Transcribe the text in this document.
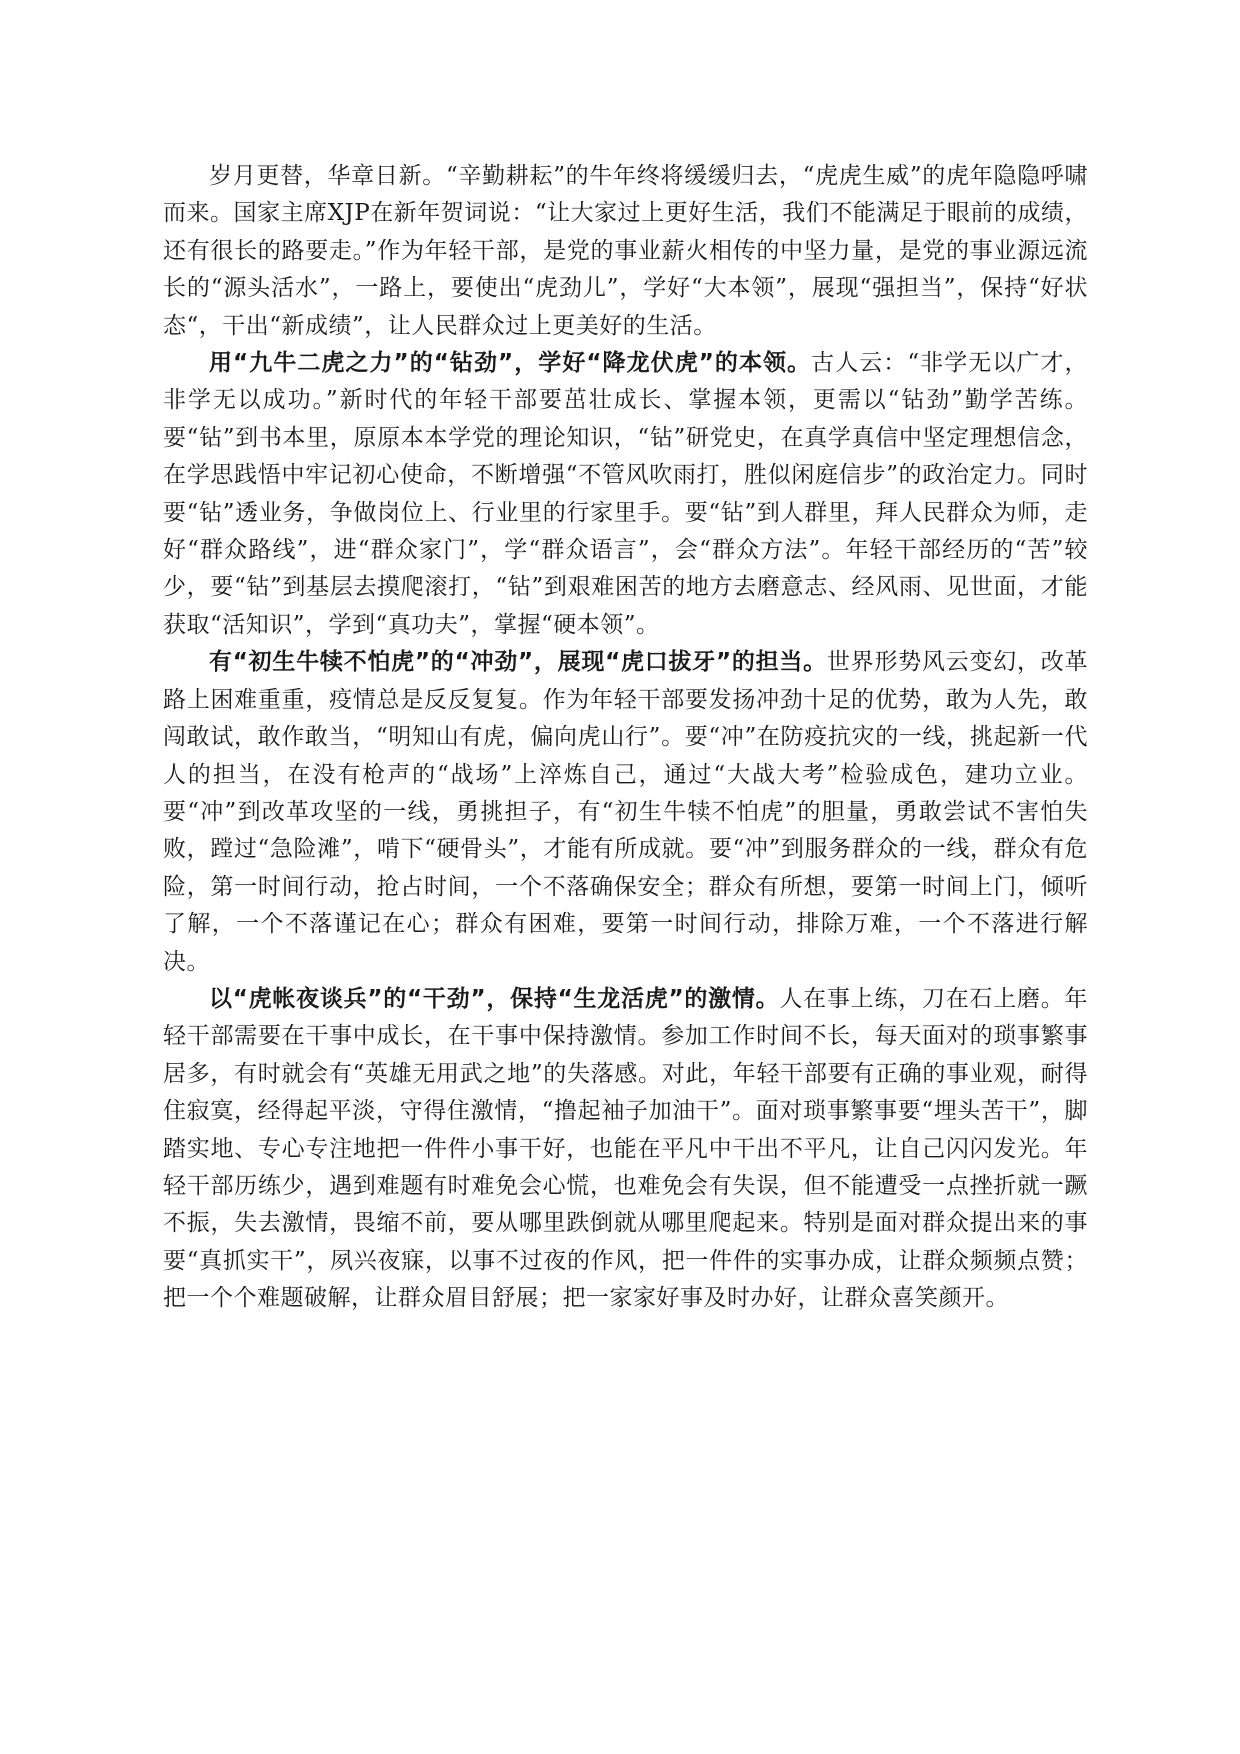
岁月更替，华章日新。“辛勤耕耘”的牛年终将缓缓归去，“虎虎生威”的虎年隐隐呼啸而来。国家主席XJP在新年贺词说：“让大家过上更好生活，我们不能满足于眼前的成绩，还有很长的路要走。”作为年轻干部，是党的事业薪火相传的中坚力量，是党的事业源远流长的“源头活水”，一路上，要使出“虎劲儿”，学好“大本领”，展现“强担当”，保持“好状态“，干出“新成绩”，让人民群众过上更美好的生活。

用“九牛二虎之力”的“钻劲”，学好“降龙伏虎”的本领。古人云：“非学无以广才，非学无以成功。”新时代的年轻干部要茁壮成长、掌握本领，更需以“钻劲”勤学苦练。要“钻”到书本里，原原本本学党的理论知识，“钻”研党史，在真学真信中坚定理想信念，在学思践悟中牢记初心使命，不断增强“不管风吹雨打，胜似闲庭信步”的政治定力。同时要“钻”透业务，争做岗位上、行业里的行家里手。要“钻”到人群里，拜人民群众为师，走好“群众路线”，进“群众家门”，学“群众语言”，会“群众方法”。年轻干部经历的“苦”较少，要“钻”到基层去摸爬滚打，“钻”到艰难困苦的地方去磨意志、经风雨、见世面，才能获取“活知识”，学到“真功夫”，掌握“硬本领”。

有“初生牛犊不怕虎”的“冲劲”，展现“虎口拔牙”的担当。世界形势风云变幻，改革路上困难重重，疫情总是反反复复。作为年轻干部要发扬冲劲十足的优势，敢为人先，敢闯敢试，敢作敢当，“明知山有虎，偏向虎山行”。要“冲”在防疫抗灾的一线，挑起新一代人的担当，在没有枪声的“战场”上淬炼自己，通过“大战大考”检验成色，建功立业。要“冲”到改革攻坚的一线，勇挑担子，有“初生牛犊不怕虎”的胆量，勇敢尝试不害怕失败，蹚过“急险滩”，啃下“硬骨头”，才能有所成就。要“冲”到服务群众的一线，群众有危险，第一时间行动，抢占时间，一个不落确保安全；群众有所想，要第一时间上门，倾听了解，一个不落谨记在心；群众有困难，要第一时间行动，排除万难，一个不落进行解决。

以“虎帐夜谈兵”的“干劲”，保持“生龙活虎”的激情。人在事上练，刀在石上磨。年轻干部需要在干事中成长，在干事中保持激情。参加工作时间不长，每天面对的琐事繁事居多，有时就会有“英雄无用武之地”的失落感。对此，年轻干部要有正确的事业观，耐得住寂寞，经得起平淡，守得住激情，“撸起袖子加油干”。面对琐事繁事要“埋头苦干”，脚踏实地、专心专注地把一件件小事干好，也能在平凡中干出不平凡，让自己闪闪发光。年轻干部历练少，遇到难题有时难免会心慌，也难免会有失误，但不能遭受一点挫折就一蹶不振，失去激情，畏缩不前，要从哪里跌倒就从哪里爬起来。特别是面对群众提出来的事要“真抓实干”，夙兴夜寐，以事不过夜的作风，把一件件的实事办成，让群众频频点赞；把一个个难题破解，让群众眉目舒展；把一家家好事及时办好，让群众喜笑颜开。
